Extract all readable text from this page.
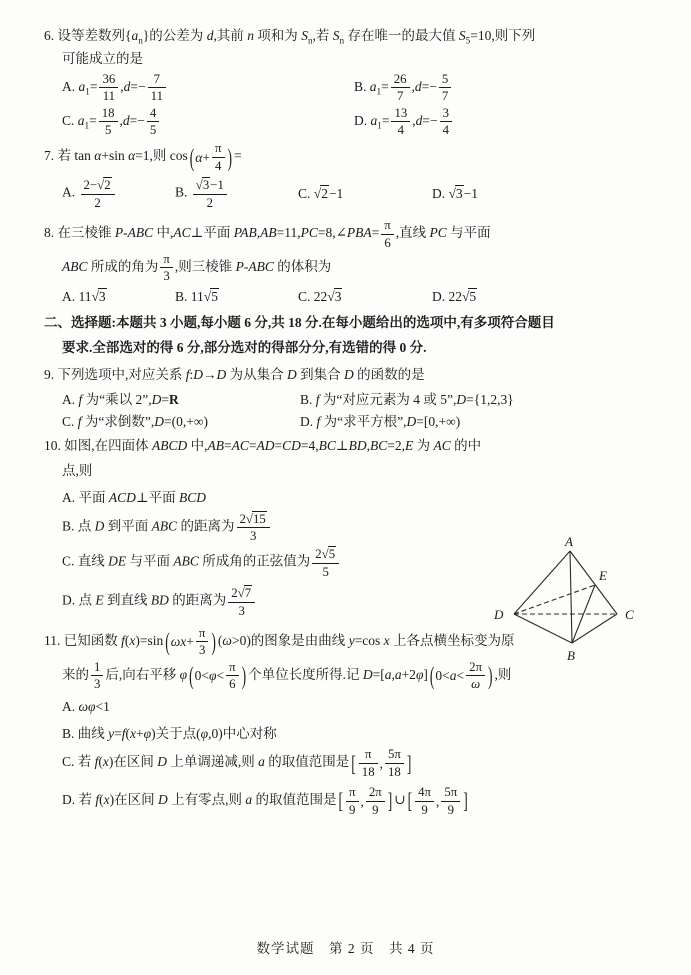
6. 设等差数列$\{a_n\}$的公差为 d,其前 n 项和为 $S_n$,若 $S_n$ 存在唯一的最大值 $S_5=10$,则下列
可能成立的是
A. $a_1= \frac{36}{11} ,d=- \frac{7}{11}$	B. $a_1= \frac{26}{7} ,d=- \frac{5}{7}$
C. $a_1= \frac{18}{5} ,d=- \frac{4}{5}$	D. $a_1= \frac{13}{4} ,d=- \frac{3}{4}$
7. 若 tan α+sin α=1,则 cos ( $\alpha + \frac{\pi}{4}$ ) =
A. $\frac{2-√2}{2}$	B. $\frac{√3-1}{2}$	C. √2−1	D. √3−1
8. 在三棱锥 P-ABC 中,AC⊥平面 PAB,AB=11,PC=8,∠PBA= $\frac{\pi}{6}$ ,直线 PC 与平面
ABC 所成的角为 $\frac{\pi}{3}$ ,则三棱锥 P-ABC 的体积为
A. 11√3	B. 11√5	C. 22√3	D. 22√5
二、选择题:本题共 3 小题,每小题 6 分,共 18 分.在每小题给出的选项中,有多项符合题目
要求.全部选对的得 6 分,部分选对的得部分分,有选错的得 0 分.
9. 下列选项中,对应关系 f:D→D 为从集合 D 到集合 D 的函数的是
A. f 为“乘以 2”,D=R	B. f 为“对应元素为 4 或 5”,D={1,2,3}
C. f 为“求倒数”,D=(0,+∞)	D. f 为“求平方根”,D=[0,+∞)
10. 如图,在四面体 ABCD 中,AB=AC=AD=CD=4,BC⊥BD,BC=2,E 为 AC 的中
点,则
A. 平面 ACD⊥平面 BCD
B. 点 D 到平面 ABC 的距离为 $\frac{2√15}{3}$
C. 直线 DE 与平面 ABC 所成角的正弦值为 $\frac{2√5}{5}$
D. 点 E 到直线 BD 的距离为 $\frac{2√7}{3}$
A
E
D	C
B
11. 已知函数 f(x)=sin ( $\omega x + \frac{\pi}{3}$ ) (ω>0)的图象是由曲线 y=cos x 上各点横坐标变为原
来的 $\frac{1}{3}$ 后,向右平移 φ ( $0< \varphi < \frac{\pi}{6}$ ) 个单位长度所得.记 D=[a,a+2φ] ( $0< a < \frac{2\pi}{\omega}$ ) ,则
A. ωφ<1
B. 曲线 y=f(x+φ)关于点(φ,0)中心对称
C. 若 f(x)在区间 D 上单调递减,则 a 的取值范围是 [ $\frac{\pi}{18}$ , $\frac{5\pi}{18}$ ]
D. 若 f(x)在区间 D 上有零点,则 a 的取值范围是 [ $\frac{\pi}{9}$ , $\frac{2\pi}{9}$ ] ∪ [ $\frac{4\pi}{9}$ , $\frac{5\pi}{9}$ ]
数学试题　第 2 页　共 4 页
